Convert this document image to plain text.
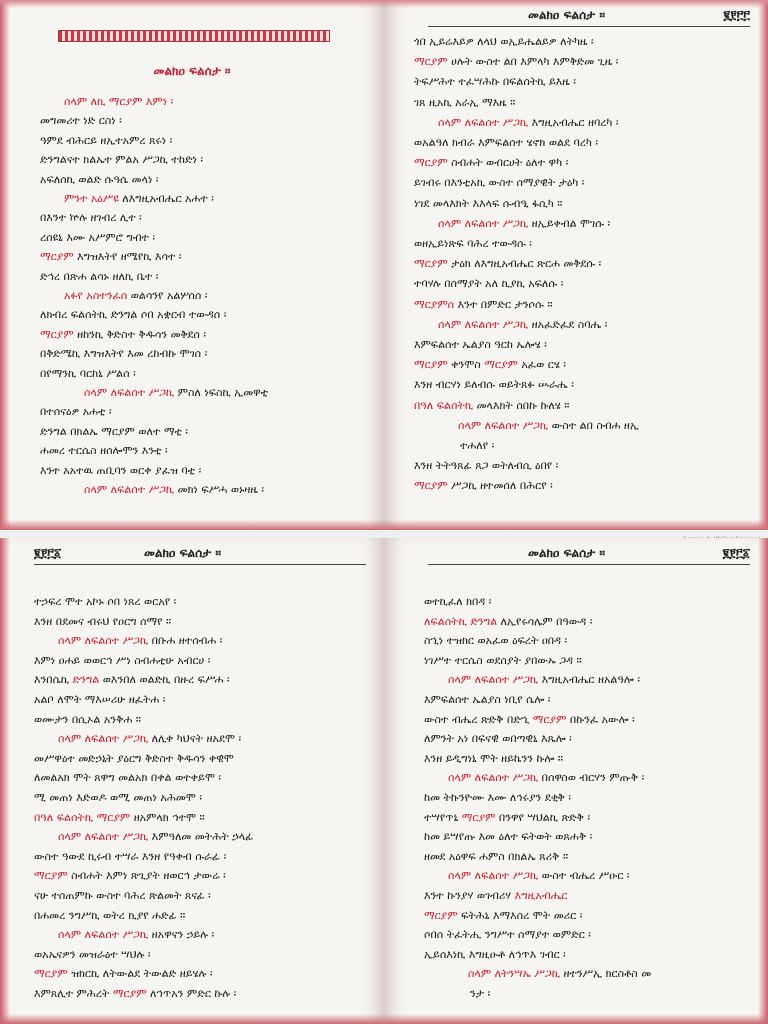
መልክዐ ፍልሰታ ።
ሰላም ለኪ ማርያም እምነ ፡
መግመሪተ ነድ ርስነ ፡
ዓምደ ብሕርይ ዘኢተአምረ ጸሩነ ፡
ድንግልናተ ክልኤተ ምልአ ሥጋኪ ተከድነ ፡
አፍለሰኪ ወልድ ሱዓሴ መላነ ፡
ምንተ አዕሥዩ ለእግዚአብሔር አሐተ ፡
በእንተ ኵሉ ዘገብረ ሊተ ፡
ረሰዩኒ እሙ አሥምሮ ግብተ ፡
ማርያም እግዝእትየ ዘሜየኪ እሳተ ፡
ድኅረ በጽሐ ልሳኑ ዘለኪ ቤተ ፡
አፉየ አስተንፈሰ ወልሳንየ አልሦሰሰ ፡
ለክብረ ፍልሰትኪ ድንግል ሶበ አቋርብ ተውዳሰ ፡
ማርያም ዘከንኪ ቅድስተ ቅዱሳን መቅደሰ ፡
በቅድሜኪ እግዝእትየ እመ ረከብኩ ሞገሰ ፡
በየማንኪ ባርከኒ ሥልሰ ፡
ሰላም ለፍልሰተ ሥጋኪ ምስለ ነፍስኪ ኢመዋቲ
በተሰናዕዎ አሐቲ ፡
ድንግል በክልኤ ማርያም ወለተ ማቲ ፡
ሐመረ ተርሴስ ዘሰሎሞን እንቲ ፡
እንተ አአተዉ ጠቢባን ወርቀ ያፈዝ ባቲ ፡
ሰላም ለፍልሰተ ሥጋኪ መክነ ፍሥሓ ወኑዛዜ ፡
መልክዐ ፍልሰታ ።	፪፻፫፫
ጎበ ኢይሬእይዎ ለላህ ወኢይሔልይዎ ለትካዜ ፡
ማርያም ሀሉት ውስተ ልበ እምላካ እምቅድመ ጊዜ ፡
ትፍሥሕተ ተፈሣሕኩ በፍልሰትኪ ይእዜ ፡
ገጸ ዚአኪ አራኢ ማእዜ ።
ሰላም ለፍልሰተ ሥጋኪ እግዚአብሔር ዘባረካ ፡
ወአልዓለ ክብራ እምፍልሰተ ሄኖክ ወልደ ባረካ ፡
ማርያም ስብሐት ወብርሀት ዕለተ ዋካ ፡
ይገብሩ በእንቲአኪ ውስተ ሰማያዊት ታዕካ ፡
ነገደ መላእክት እእላፍ ሱብዒ ፋሲካ ።
ሰላም ለፍልሰተ ሥጋኪ ዘኢይቀብል ሞገሱ ፡
ወዘኢይነጽፍ ባሕረ ተውዳሱ ፡
ማርያም ታዕክ ለእግዚአብሔር ጽርሐ መቅደሱ ፡
ተባሃሉ በሰማያት አለ ኪያኪ አፍለሱ ፡
ማርያምሰ እንተ በምድር ታንሶሱ ።
ሰላም ለፍልሰተ ሥጋኪ ዘአፈድፈደ ስባሔ ፡
እምፍልሰተ ኤልያስ ዓርከ ኤሎሄ ፡
ማርያም ቀንሞስ ማርያም አፈወ ርሄ ፡
እንዘ ብርሃነ ይለብሱ ወይትጸፉ ሡራሔ ፡
በዓለ ፍልሰትኪ መላእክት ሰበኩ ኩለሄ ።
ሰላም ለፍልሰተ ሥጋኪ ውስተ ልበ ስብሐ ዘኢ
ተሐለየ ፡
እንዘ ትትዓጸፊ ጸጋ ወትለብሲ ዕበየ ፡
ማርያም ሥጋኪ ዘተመሰለ በሕርየ ፡
፪፻፫፩	መልክዐ ፍልሰታ ።
ተኃፍረ ሞተ አኮኑ ሶበ ነጸረ ወርአየ ፡
እንዘ በደመና ብሩህ የዐርግ ሰማየ ።
ሰላም ለፍልሰተ ሥጋኪ በቡሐ ዘተሰብሐ ፡
እምነ ዐሐይ ወወርኅ ሥነ ስብሐቲሁ አብርሀ ፡
እንበሴኪ ድንግል ወእንበለ ወልድኪ በዙረ ፍሥሐ ፡
አልቦ ለሞት ማእሠሪሁ ዘፈትሐ ፡
ወሙታን በሲኦል አንቅሐ ።
ሰላም ለፍልሰተ ሥጋኪ ለሊቀ ካህናት ዘአደሞ ፡
መሥዋዕተ መድኃኒት ያዕርግ ቅድስተ ቅዱሳን ቀዊሞ
ለመልአክ ሞት ጸዋግ መልአክ በቀል ወተቀይሞ ፡
ሚ መጠነ እድወዶ ወሚ መጠነ አሕመሞ ፡
በዓለ ፍልሰትኪ ማርያም ዘአምላክ ኅተሞ ።
ሰላም ለፍልሰተ ሥጋኪ እምዓለመ መትሕት ኃላፊ
ውስተ ዓውደ ኪሩብ ተሣራ እንዘ የዓቀብ ሱራፊ ፡
ማርያም ስብሐት እምነ ጽጊያት ዘወርኅ ታውሬ ፡
ናሁ ተሰጠምኩ ውስተ ባሕረ ጽልመት ጸናፊ ፡
በሐመረ ንግሥኪ ወትረ ኪያየ ሐድፊ ።
ሰላም ለፍልሰተ ሥጋኪ ዘአዋናን ኃይሉ ፡
ወአኤናዎን መዝራዕተ ሣህሉ ፡
ማርያም ዝክርኪ ለትውልደ ትውልድ ዘይሄሉ ፡
እምጸሊተ ምሕረት ማርያም ለኀጥአን ምድር ኩሉ ፡
መልክዐ ፍልሰታ ።	፪፻፫፩
ወተኪፈለ ክበዳ ፡
ለፍልሰትኪ ድንግል ለኢየሩሳሌም በዓውዳ ፡
ስኂነ ተዝክር ወአፈወ ዕፍረት ዐበዳ ፡
ነገሥተ ተርሴስ ወደሰያት ያበውኡ ጋዳ ።
ሰላም ለፍልሰተ ሥጋኪ እግዚአብሔር ዘአልዓሎ ፡
እምፍልሰተ ኤልያስ ነቢየ ሴሎ ፡
ውስተ ብሔረ ጽድቅ በድኂ ማርያም በኩንፈ አውሎ ፡
ለምንት አነ በፍናዊ ወበጣዊኒ እጼሎ ፡
እንዘ ይዲግነኒ ሞት ዘይኬንን ኩሎ ።
ሰላም ለፍልሰተ ሥጋኪ በሰዋስወ ብርሃን ምጡቅ ፡
ከመ ትኩንዮሙ እሙ ለኅሩያን ደቂቅ ፡
ተሣየጥኒ ማርያም በንዋየ ሣህልኪ ጽድቅ ፡
ከመ ይሣየጡ እመ ዕለተ ፍትወት ወጸሐቅ ፡
ዘመደ አዕዋፍ ሐምስ በክልኤ ጸሪቅ ።
ሰላም ለፍልሰተ ሥጋኪ ውስተ ብሔረ ሥዑር ፡
እንተ ኩንያሃ ወገብሪሃ እግዚአብሔር
ማርያም ፍትሕኒ እማእሰረ ሞት መሪር ፡
ሶበሰ ትፈትሒ ንግሥተ ሰማያተ ወምድር ፡
ኢይሰእነኪ እግዚዑቶ ለኅጥእ ገብር ፡
ሰላም ለትንሣኤ ሥጋኪ ዘተንሥኢ ክርስቶስ መ
ንታ ፡
